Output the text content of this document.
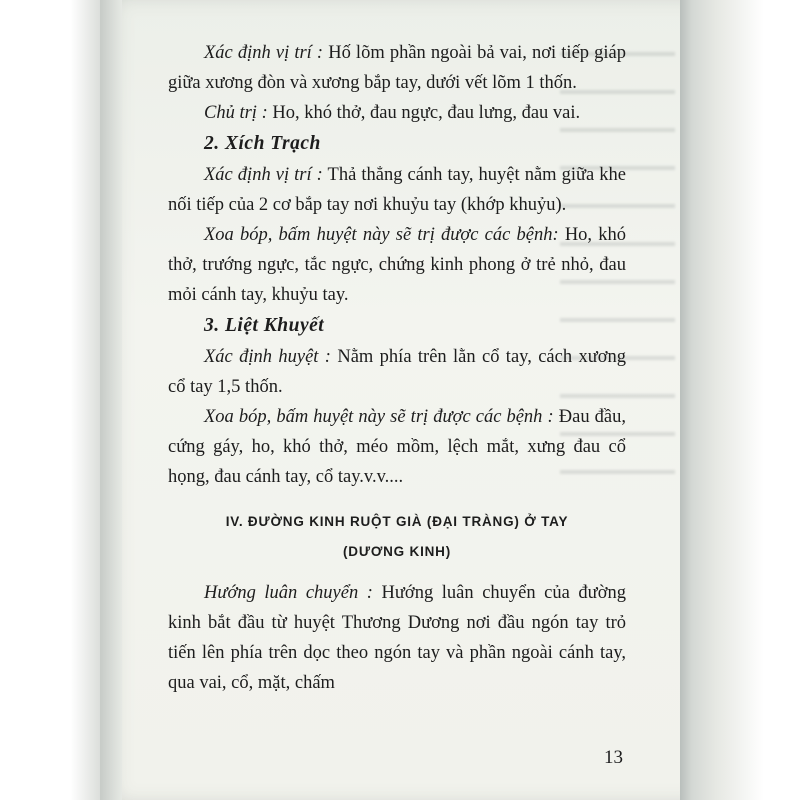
Xác định vị trí : Hố lõm phần ngoài bả vai, nơi tiếp giáp giữa xương đòn và xương bắp tay, dưới vết lõm 1 thốn.

Chủ trị : Ho, khó thở, đau ngực, đau lưng, đau vai.

2. Xích Trạch

Xác định vị trí : Thả thẳng cánh tay, huyệt nằm giữa khe nối tiếp của 2 cơ bắp tay nơi khuỷu tay (khớp khuỷu).

Xoa bóp, bấm huyệt này sẽ trị được các bệnh: Ho, khó thở, trướng ngực, tắc ngực, chứng kinh phong ở trẻ nhỏ, đau mỏi cánh tay, khuỷu tay.

3. Liệt Khuyết

Xác định huyệt : Nằm phía trên lằn cổ tay, cách xương cổ tay 1,5 thốn.

Xoa bóp, bấm huyệt này sẽ trị được các bệnh : Đau đầu, cứng gáy, ho, khó thở, méo mồm, lệch mắt, xưng đau cổ họng, đau cánh tay, cổ tay.v.v....

IV. ĐƯỜNG KINH RUỘT GIÀ (ĐẠI TRÀNG) Ở TAY

(DƯƠNG KINH)

Hướng luân chuyển : Hướng luân chuyển của đường kinh bắt đầu từ huyệt Thương Dương nơi đầu ngón tay trỏ tiến lên phía trên dọc theo ngón tay và phần ngoài cánh tay, qua vai, cổ, mặt, chấm

13
